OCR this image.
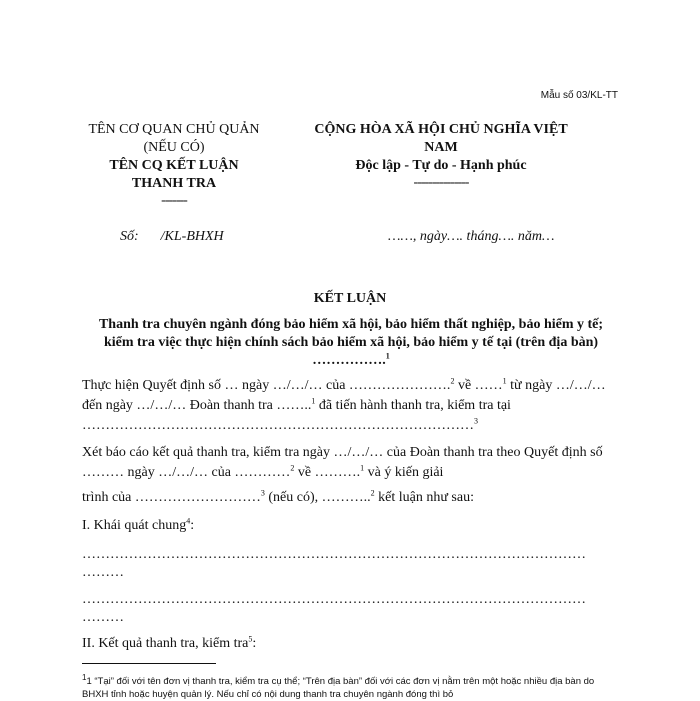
Mẫu số 03/KL-TT
TÊN CƠ QUAN CHỦ QUẢN
(NẾU CÓ)
TÊN CQ KẾT LUẬN
THANH TRA
-------
CỘNG HÒA XÃ HỘI CHỦ NGHĨA VIỆT
NAM
Độc lập - Tự do - Hạnh phúc
---------------
Số: /KL-BHXH	……, ngày…. tháng…. năm…
KẾT LUẬN
Thanh tra chuyên ngành đóng bảo hiểm xã hội, bảo hiểm thất nghiệp, bảo hiểm y tế; kiểm tra việc thực hiện chính sách bảo hiểm xã hội, bảo hiểm y tế tại (trên địa bàn) …………….$^1$
Thực hiện Quyết định số … ngày …/…/… của ………………….$^2$ về ……$^1$ từ ngày …/…/… đến ngày …/…/… Đoàn thanh tra ……..$^1$ đã tiến hành thanh tra, kiểm tra tại …………………………………………………………………………$^3$
Xét báo cáo kết quả thanh tra, kiểm tra ngày …/…/… của Đoàn thanh tra theo Quyết định số ……… ngày …/…/… của …………$^2$ về ……….$^1$ và ý kiến giải
trình của ………………………$^3$ (nếu có), ………..$^2$ kết luận như sau:
I. Khái quát chung$^4$:
………………………………………………………………………………………………
………
………………………………………………………………………………………………
………
II. Kết quả thanh tra, kiểm tra$^5$:
$^1$1 “Tại” đối với tên đơn vị thanh tra, kiểm tra cụ thể; “Trên địa bàn” đối với các đơn vị nằm trên một hoặc nhiều địa bàn do BHXH tỉnh hoặc huyện quản lý. Nếu chỉ có nội dung thanh tra chuyên ngành đóng thì bỏ
